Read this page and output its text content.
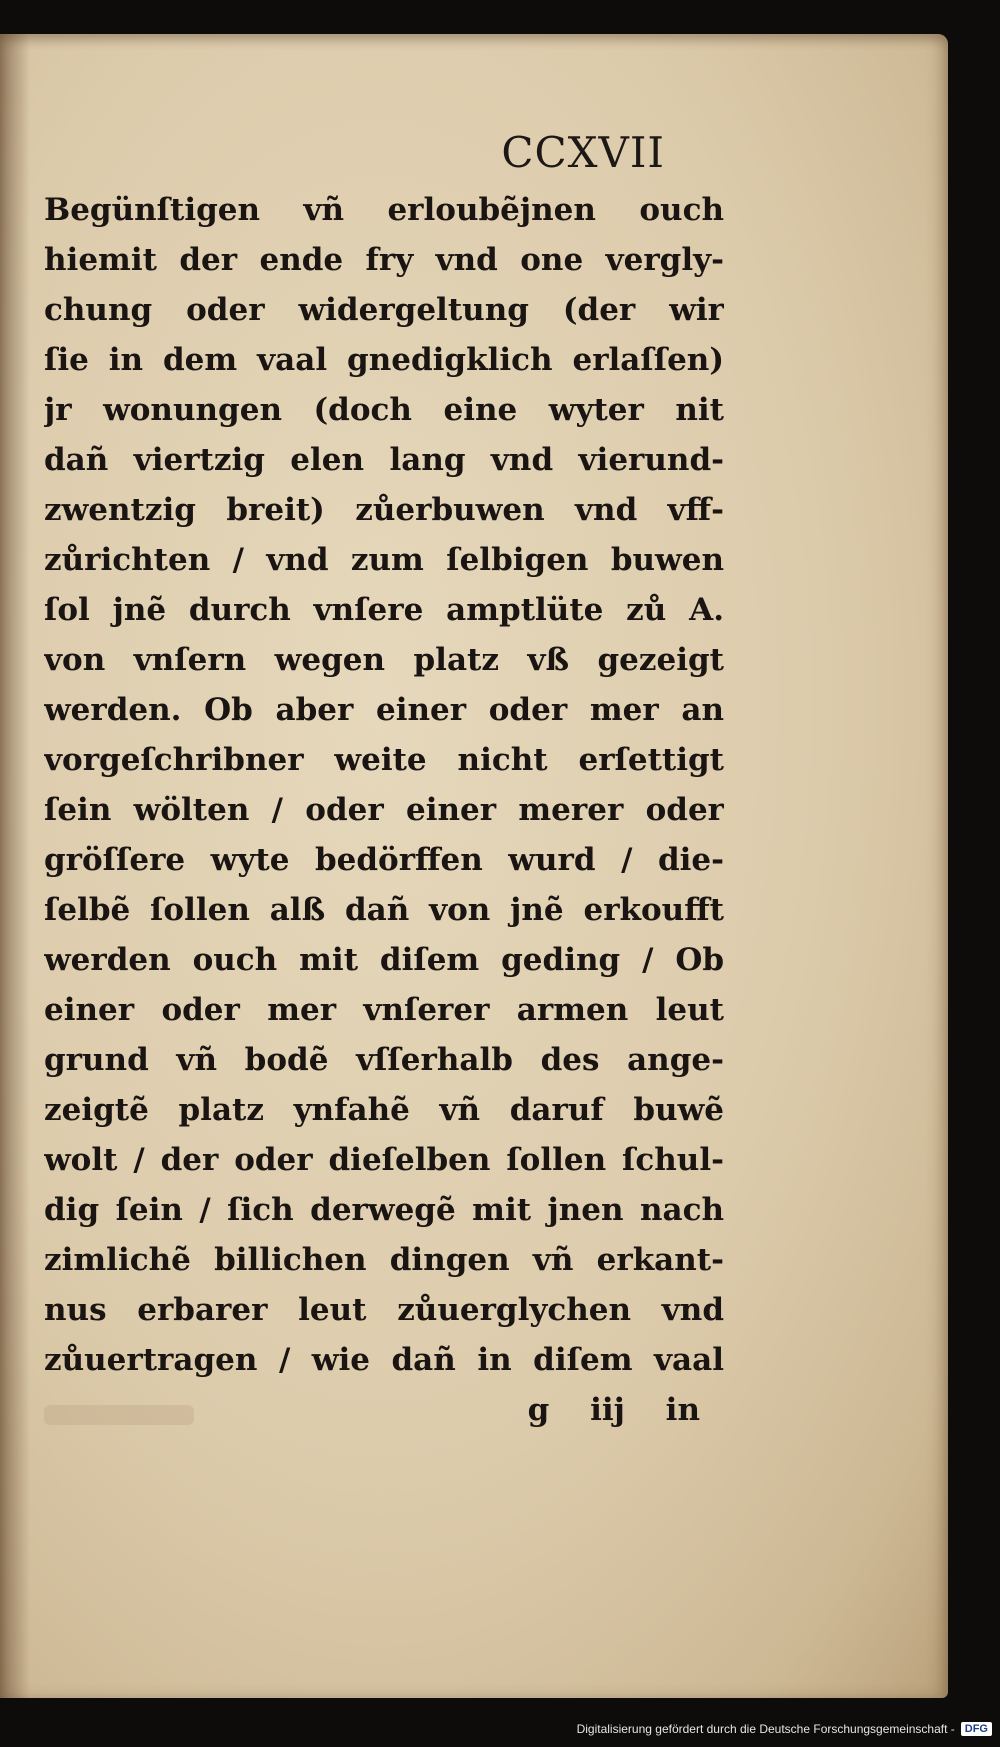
CCXVII
Begünſtigen vñ erloubẽjnen ouch
hiemit der ende fry vnd one vergly-
chung oder widergeltung (der wir
ſie in dem vaal gnedigklich erlaſſen)
jr wonungen (doch eine wyter nit
dañ viertzig elen lang vnd vierund-
zwentzig breit) zůerbuwen vnd vff-
zůrichten / vnd zum ſelbigen buwen
ſol jnẽ durch vnſere amptlüte zů A.
von vnſern wegen platz vß gezeigt
werden. Ob aber einer oder mer an
vorgeſchribner weite nicht erſettigt
ſein wölten / oder einer merer oder
gröſſere wyte bedörffen wurd / die-
ſelbẽ ſollen alß dañ von jnẽ erkoufft
werden ouch mit diſem geding / Ob
einer oder mer vnſerer armen leut
grund vñ bodẽ vſſerhalb des ange-
zeigtẽ platz ynfahẽ vñ daruf buwẽ
wolt / der oder dieſelben ſollen ſchul-
dig ſein / ſich derwegẽ mit jnen nach
zimlichẽ billichen dingen vñ erkant-
nus erbarer leut zůuerglychen vnd
zůuertragen / wie dañ in diſem vaal
g iij in
Digitalisierung gefördert durch die Deutsche Forschungsgemeinschaft - DFG
